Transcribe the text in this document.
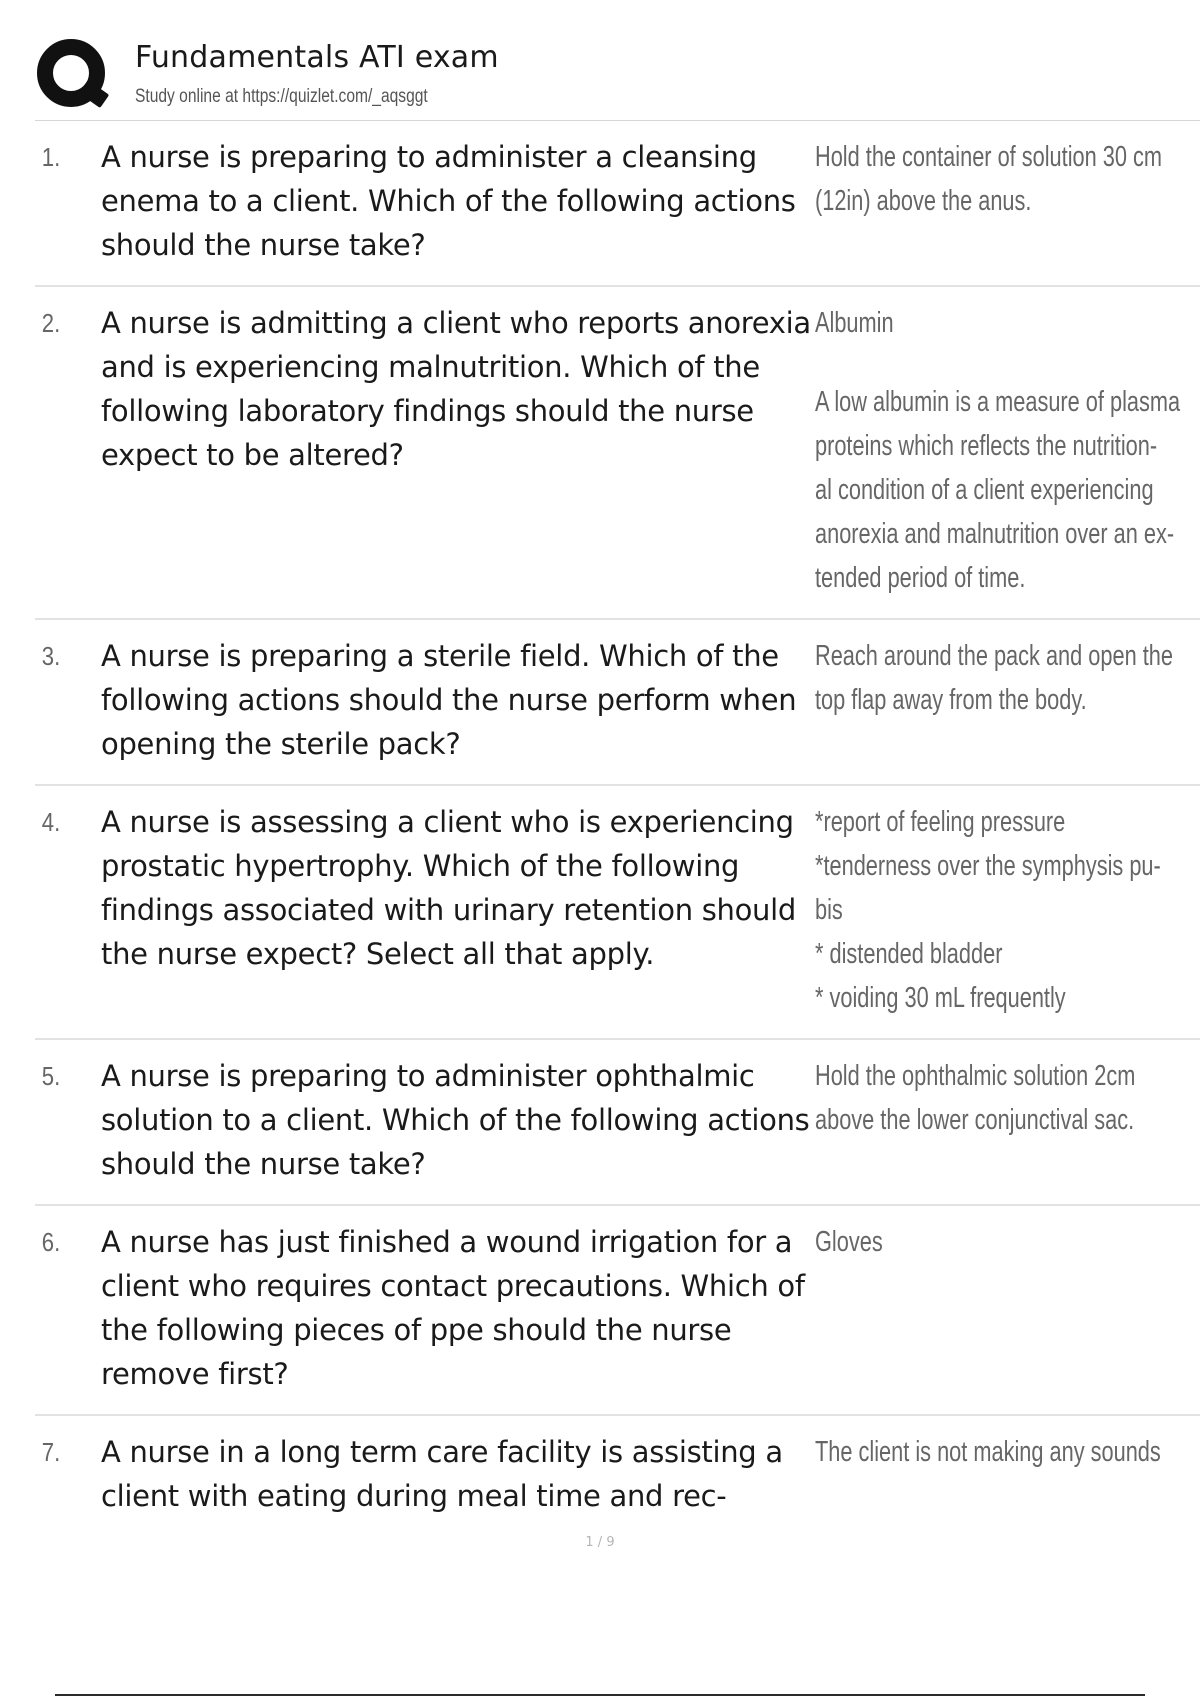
Fundamentals ATI exam
Study online at https://quizlet.com/_aqsggt
1.	A nurse is preparing to administer a cleansing enema to a client. Which of the following actions should the nurse take?
Hold the container of solution 30 cm
(12in) above the anus.
2.	A nurse is admitting a client who reports anorexia and is experiencing malnutrition. Which of the following laboratory findings should the nurse expect to be altered?
Albumin
A low albumin is a measure of plasma
proteins which reflects the nutrition-
al condition of a client experiencing
anorexia and malnutrition over an ex-
tended period of time.
3.	A nurse is preparing a sterile field. Which of the following actions should the nurse perform when opening the sterile pack?
Reach around the pack and open the
top flap away from the body.
4.	A nurse is assessing a client who is experiencing prostatic hypertrophy. Which of the following findings associated with urinary retention should the nurse expect? Select all that apply.
*report of feeling pressure
*tenderness over the symphysis pu-
bis
* distended bladder
* voiding 30 mL frequently
5.	A nurse is preparing to administer ophthalmic solution to a client. Which of the following actions should the nurse take?
Hold the ophthalmic solution 2cm
above the lower conjunctival sac.
6.	A nurse has just finished a wound irrigation for a client who requires contact precautions. Which of the following pieces of ppe should the nurse remove first?
Gloves
7.	A nurse in a long term care facility is assisting a client with eating during meal time and rec-
The client is not making any sounds
1 / 9
